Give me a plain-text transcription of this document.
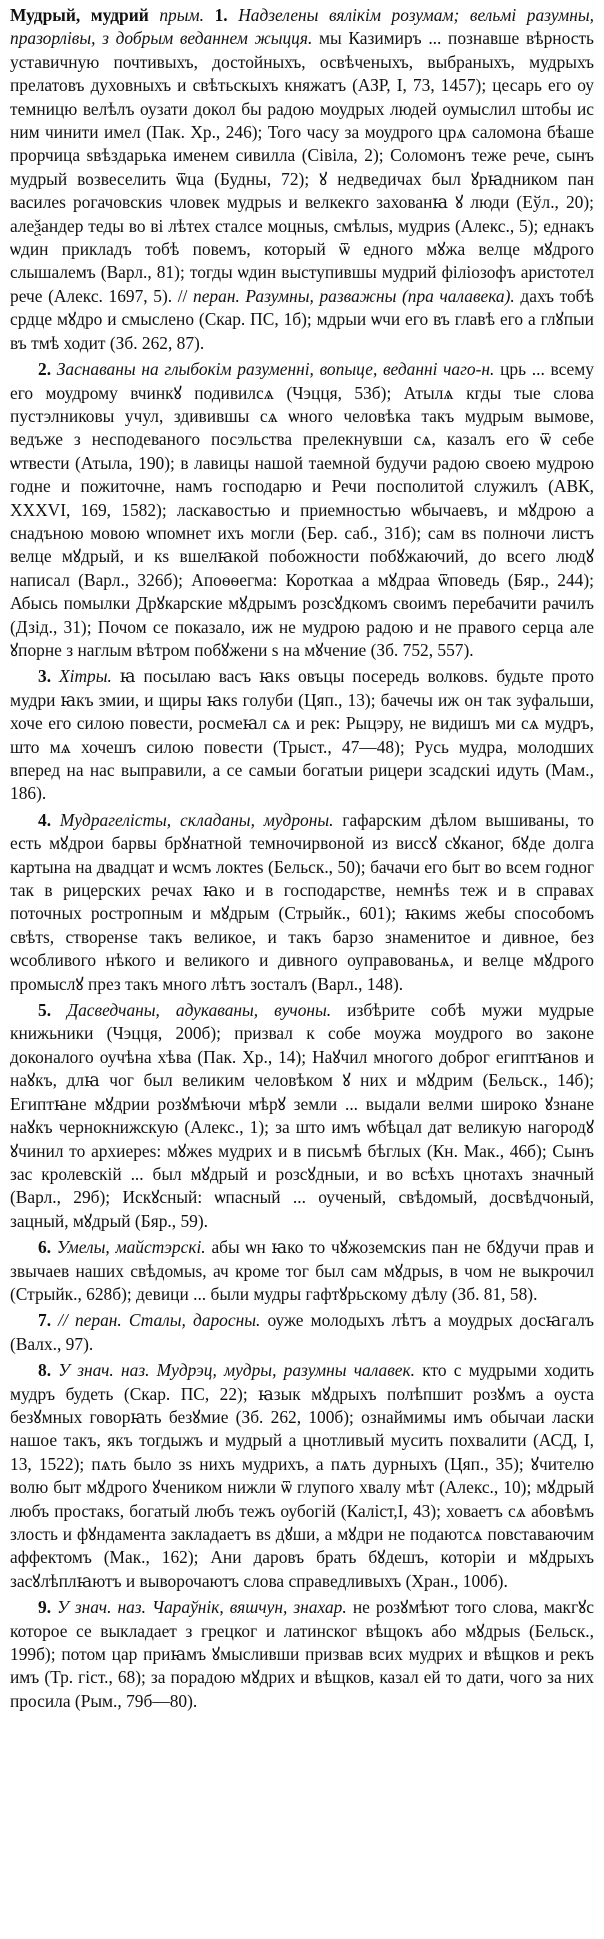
Мудрый, мудрий прым. 1. Надзелены вялікім розумам; вельмі разумны, празорлівы, з добрым веданнем жыцця. мы Казимиръ ... познавше вѣрность уставичную почтивыхъ, достойныхъ, освѣченыхъ, выбраныхъ, мудрыхъ прелатовъ духовныхъ и свѣтьскыхъ княжатъ (АЗР, І, 73, 1457); цесарь его оу темницю велѣлъ оузати докол бы радою моудрых людей оумыслил штобы ис ним чинити имел (Пак. Хр., 246); Того часу за моудрого црѧ саломона бѣаше прорчица ѕвѣздарька именем сивилла (Сівіла, 2); Соломонъ теже рече, сынъ мудрый возвеселить ѿца (Будны, 72); ꙋ недведичах был ꙋрꙗдником пан василеѕ рогачовскиѕ чловек мудрыѕ и велкекго захованꙗ ꙋ люди (Еўл., 20); алеѯандер теды во ві лѣтех сталсе моцныѕ, смѣлыѕ, мудриѕ (Алекс., 5); еднакъ ѡдин прикладъ тобѣ повемъ, который ѿ едного мꙋжа велце мꙋдрого слышалемъ (Варл., 81); тогды ѡдин выступившы мудрий філіозофъ аристотел рече (Алекс. 1697, 5). // перан. Разумны, разважны (пра чалавека). дахъ тобѣ срдце мꙋдро и смыслено (Скар. ПС, 1б); мдрыи ѡчи его въ главѣ его а глꙋпыи въ тмѣ ходит (Зб. 262, 87).

2. Заснаваны на глыбокім разуменні, вопыце, веданні чаго-н. црь ... всему его моудрому вчинкꙋ подивилсѧ (Чэцця, 53б); Атылѧ кгды тые слова пустэлниковы учул, здивившы сѧ ѡного человѣка такъ мудрым вымове, ведъже з несподеваного посэльства прелекнувши сѧ, казалъ его ѿ себе ѡтвести (Атыла, 190); в лавицы нашой таемной будучи радою своею мудрою годне и пожиточне, намъ господарю и Речи посполитой служилъ (АВК, XXXVI, 169, 1582); ласкавостью и приемностью ѡбычаевъ, и мꙋдрою а снадъною мовою ѡпомнет ихъ могли (Бер. саб., 31б); сам вѕ полночи листъ велце мꙋдрый, и кѕ вшелꙗкой побожности побꙋжаючий, до всего людꙋ написал (Варл., 326б); Апоѳѳегма: Короткаа а мꙋдраа ѿповедь (Бяр., 244); Абысь помылки Дрꙋкарские мꙋдрымъ розсꙋдкомъ своимъ перебачити рачилъ (Дзід., 31); Почом се показало, иж не мудрою радою и не правого серца але ꙋпорне з наглым вѣтром побꙋжени ѕ на мꙋчение (Зб. 752, 557).

3. Хітры. ꙗ посылаю васъ ꙗкѕ овъцы посередь волковѕ. будьте прото мудри ꙗкъ змии, и щиры ꙗкѕ голуби (Цяп., 13); бачечы иж он так зуфальши, хоче его силою повести, росмеꙗл сѧ и рек: Рыцэру, не видишъ ми сѧ мудръ, што мѧ хочешъ силою повести (Трыст., 47—48); Русь мудра, молодших вперед на нас выправили, а се самыи богатыи рицери зсадскиі идуть (Мам., 186).

4. Мудрагелісты, складаны, мудроны. гафарским дѣлом вышиваны, то есть мꙋдрои барвы брꙋнатной темночирвоной из виссꙋ сꙋканог, бꙋде долга картына на двадцат и ѡсмъ локтеѕ (Бельск., 50); бачачи его быт во всем годног так в рицерских речах ꙗко и в господарстве, немнѣѕ теж и в справах поточных ростропным и мꙋдрым (Стрыйк., 601); ꙗкимѕ жебы способомъ свѣтѕ, створенѕе такъ великое, и такъ барзо знаменитое и дивное, без ѡсобливого нѣкого и великого и дивного оуправованьѧ, и велце мꙋдрого промыслꙋ през такъ много лѣтъ зосталъ (Варл., 148).

5. Дасведчаны, адукаваны, вучоны. избѣрите собѣ мужи мудрые книжьники (Чэцця, 200б); призвал к собе моужа моудрого во законе доконалого оучѣна хѣва (Пак. Хр., 14); Наꙋчил многого доброг египтꙗнов и наꙋкъ, длꙗ чог был великим человѣком ꙋ них и мꙋдрим (Бельск., 14б); Египтꙗне мꙋдрии розꙋмѣючи мѣрꙋ земли ... выдали велми широко ꙋзнане наꙋкъ чернокнижскую (Алекс., 1); за што имъ ѡбѣцал дат великую нагородꙋ ꙋчинил то архиереѕ: мꙋжеѕ мудрих и в письмѣ бѣглых (Кн. Мак., 46б); Сынъ зас кролевскій ... был мꙋдрый и розсꙋдныи, и во всѣхъ цнотахъ значный (Варл., 29б); Искꙋсный: ѡпасный ... оученый, свѣдомый, досвѣдчоный, зацный, мꙋдрый (Бяр., 59).

6. Умелы, майстэрскі. абы ѡн ꙗко то чꙋжоземскиѕ пан не бꙋдучи прав и звычаев наших свѣдомыѕ, ач кроме тог был сам мꙋдрыѕ, в чом не выкрочил (Стрыйк., 628б); девици ... были мудры гафтꙋрьскому дѣлу (Зб. 81, 58).

7. // перан. Сталы, даросны. оуже молодыхъ лѣтъ а моудрых досꙗгалъ (Валх., 97).

8. У знач. наз. Мудрэц, мудры, разумны чалавек. кто с мудрыми ходить мудръ будеть (Скар. ПС, 22); ꙗзык мꙋдрыхъ полѣпшит розꙋмъ а оуста безꙋмных говорꙗть безꙋмие (Зб. 262, 100б); ознаймимы имъ обычаи ласки нашое такъ, якъ тогдыжъ и мудрый а цнотливый мусить похвалити (АСД, І, 13, 1522); пѧть было зѕ нихъ мудрихъ, а пѧть дурныхъ (Цяп., 35); ꙋчителю волю быт мꙋдрого ꙋчеником нижли ѿ глупого хвалу мѣт (Алекс., 10); мꙋдрый любъ простакѕ, богатый любъ тежъ оубогій (Каліст,І, 43); ховаетъ сѧ абовѣмъ злость и фꙋндамента закладаетъ вѕ дꙋши, а мꙋдри не подаютсѧ повставаючим аффектомъ (Мак., 162); Ани даровъ брать бꙋдешъ, которіи и мꙋдрыхъ засꙋлѣплꙗютъ и выворочаютъ слова справедливыхъ (Хран., 100б).

9. У знач. наз. Чараўнік, вяшчун, знахар. не розꙋмѣют того слова, макгꙋс которое се выкладает з грецког и латинског вѣщокъ або мꙋдрыѕ (Бельск., 199б); потом цар приꙗмъ ꙋмысливши призвав всих мудрих и вѣщков и рекъ имъ (Тр. гіст., 68); за порадою мꙋдрих и вѣщков, казал ей то дати, чого за них просила (Рым., 79б—80).
